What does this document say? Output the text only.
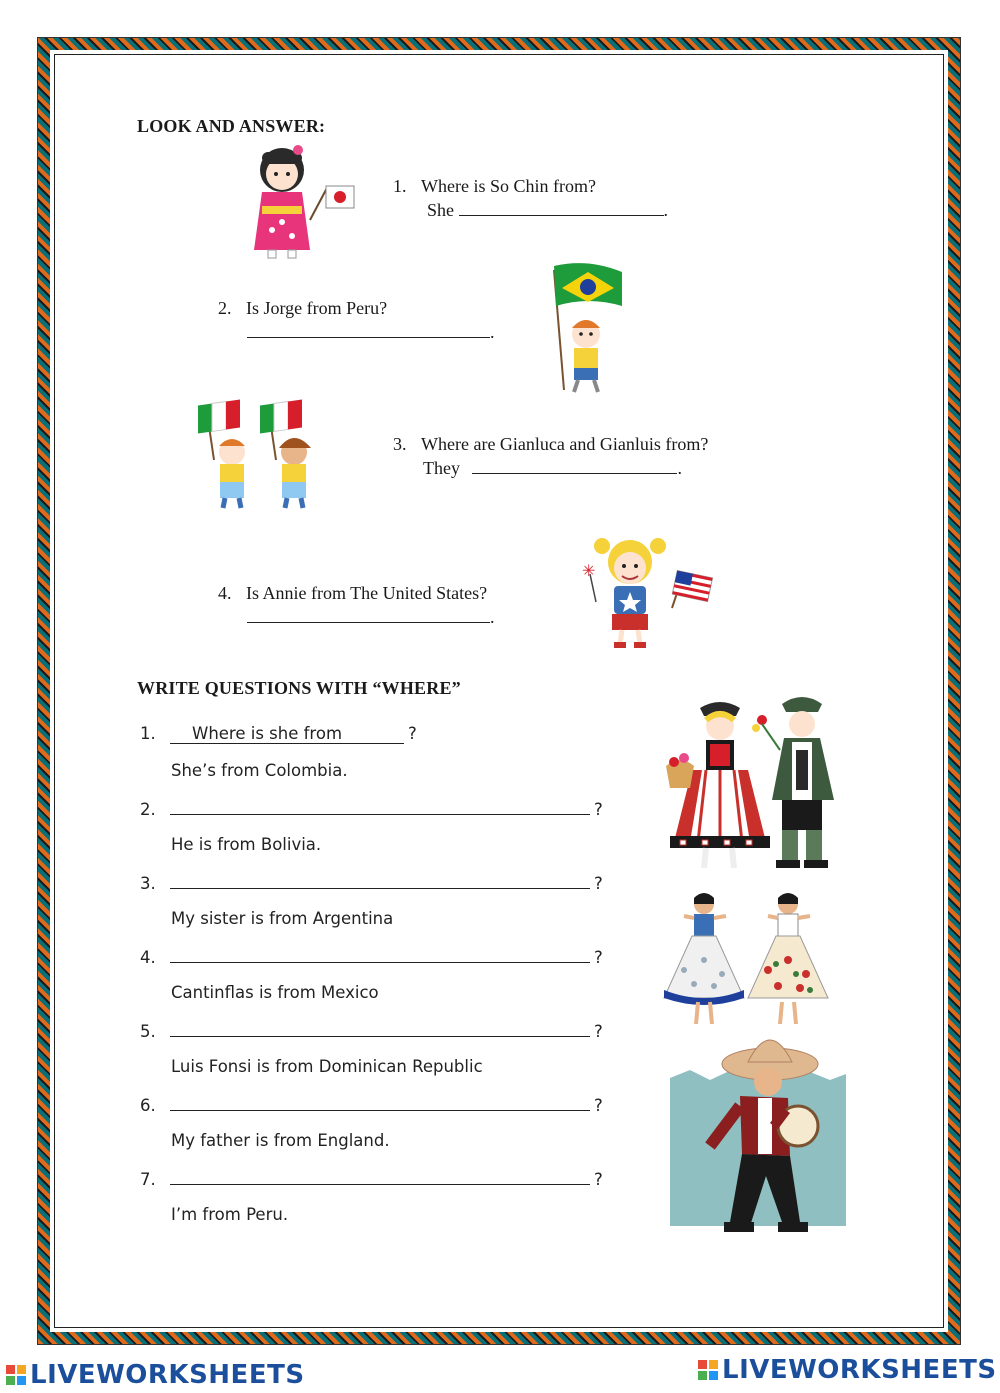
LOOK AND ANSWER:
1. Where is So Chin from?
She	.
2. Is Jorge from Peru?
.
3. Where are Gianluca and Gianluis from?
They	.
✳
4. Is Annie from The United States?
.
WRITE QUESTIONS WITH “WHERE”
1. Where is she from	?
She’s from Colombia.
2.	?
He is from Bolivia.
3.	?
My sister is from Argentina
4.	?
Cantinflas is from Mexico
5.	?
Luis Fonsi is from Dominican Republic
6.	?
My father is from England.
7.	?
I’m from Peru.
LIVEWORKSHEETS	LIVEWORKSHEETS
